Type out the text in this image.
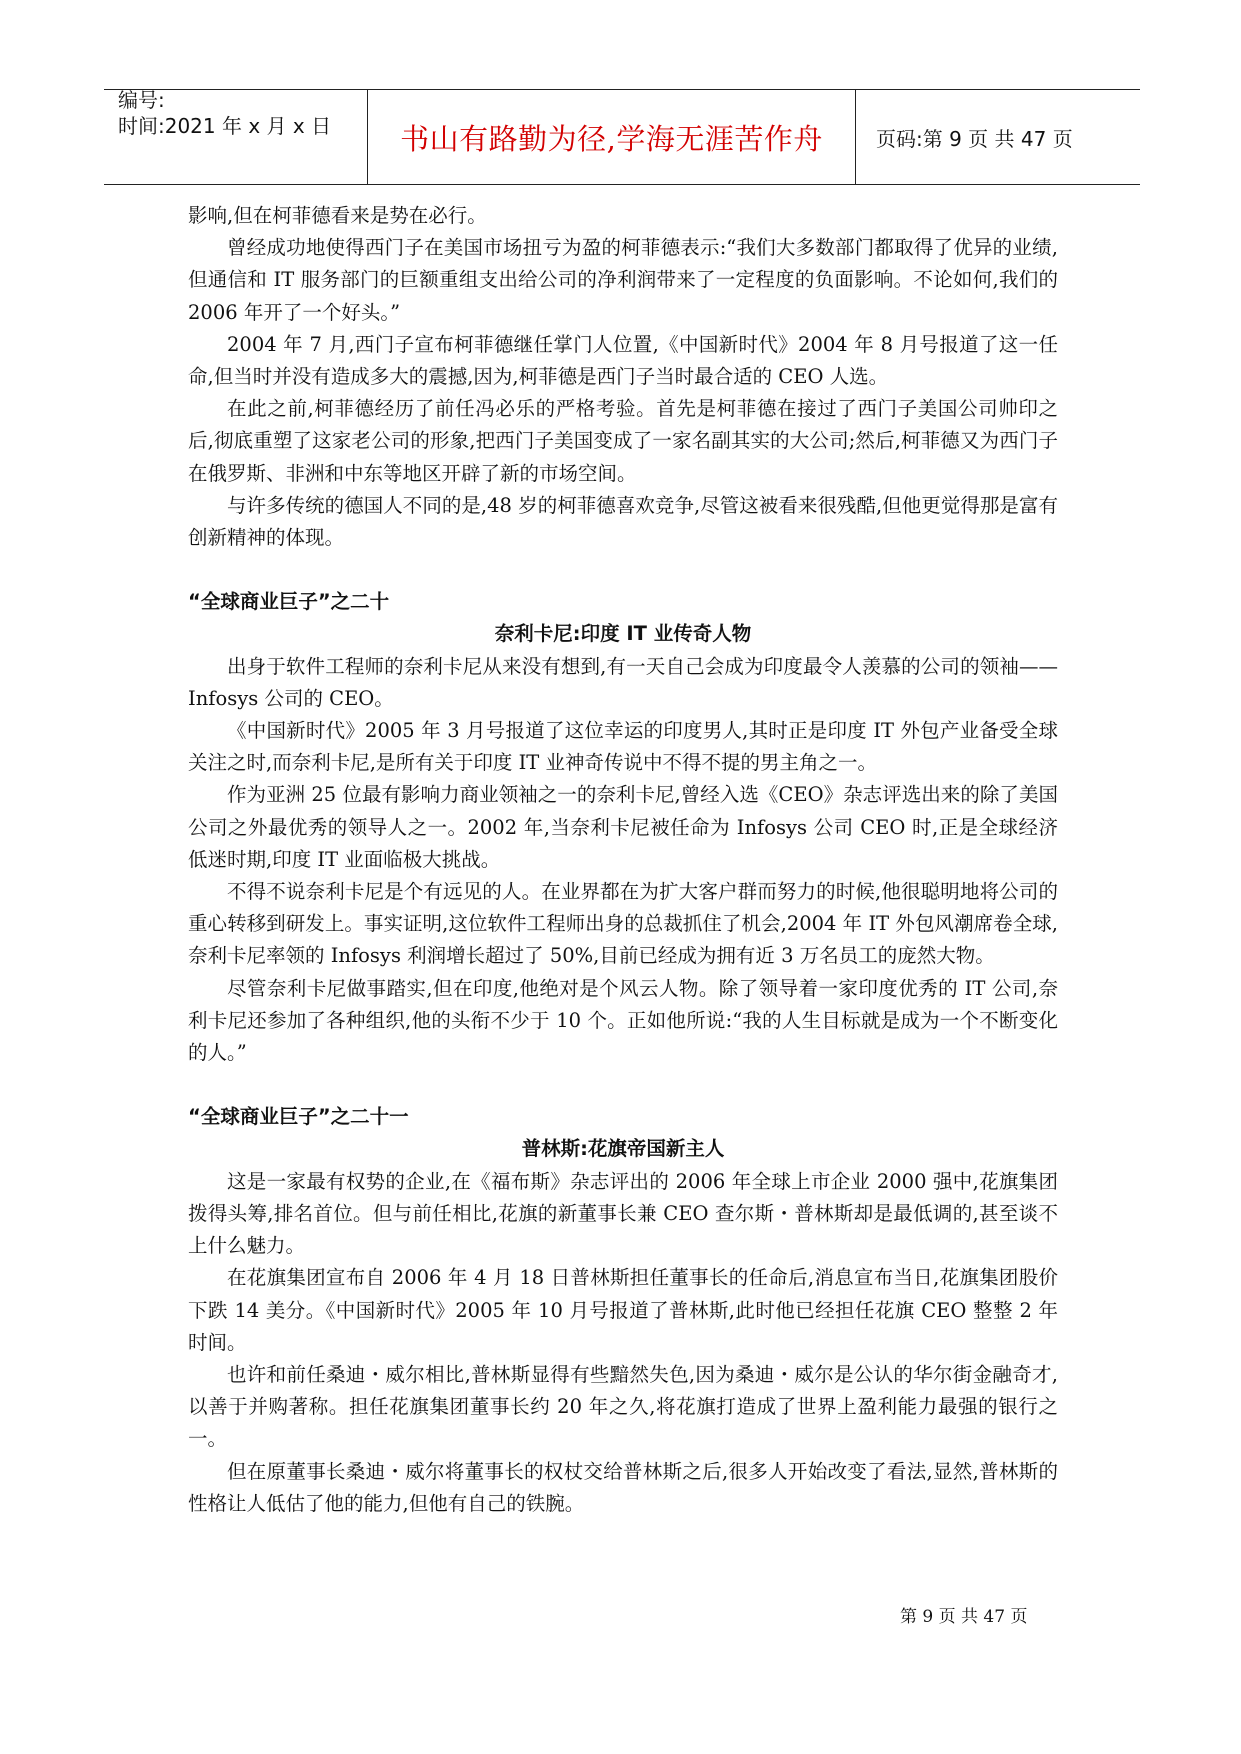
编号:
时间:2021 年 x 月 x 日	书山有路勤为径,学海无涯苦作舟	页码:第 9 页 共 47 页

影响,但在柯菲德看来是势在必行。

曾经成功地使得西门子在美国市场扭亏为盈的柯菲德表示:“我们大多数部门都取得了优异的业绩,但通信和 IT 服务部门的巨额重组支出给公司的净利润带来了一定程度的负面影响。不论如何,我们的 2006 年开了一个好头。”

2004 年 7 月,西门子宣布柯菲德继任掌门人位置,《中国新时代》2004 年 8 月号报道了这一任命,但当时并没有造成多大的震撼,因为,柯菲德是西门子当时最合适的 CEO 人选。

在此之前,柯菲德经历了前任冯必乐的严格考验。首先是柯菲德在接过了西门子美国公司帅印之后,彻底重塑了这家老公司的形象,把西门子美国变成了一家名副其实的大公司;然后,柯菲德又为西门子在俄罗斯、非洲和中东等地区开辟了新的市场空间。

与许多传统的德国人不同的是,48 岁的柯菲德喜欢竞争,尽管这被看来很残酷,但他更觉得那是富有创新精神的体现。

“全球商业巨子”之二十
奈利卡尼:印度 IT 业传奇人物

出身于软件工程师的奈利卡尼从来没有想到,有一天自己会成为印度最令人羡慕的公司的领袖——Infosys 公司的 CEO。

《中国新时代》2005 年 3 月号报道了这位幸运的印度男人,其时正是印度 IT 外包产业备受全球关注之时,而奈利卡尼,是所有关于印度 IT 业神奇传说中不得不提的男主角之一。

作为亚洲 25 位最有影响力商业领袖之一的奈利卡尼,曾经入选《CEO》杂志评选出来的除了美国公司之外最优秀的领导人之一。2002 年,当奈利卡尼被任命为 Infosys 公司 CEO 时,正是全球经济低迷时期,印度 IT 业面临极大挑战。

不得不说奈利卡尼是个有远见的人。在业界都在为扩大客户群而努力的时候,他很聪明地将公司的重心转移到研发上。事实证明,这位软件工程师出身的总裁抓住了机会,2004 年 IT 外包风潮席卷全球,奈利卡尼率领的 Infosys 利润增长超过了 50%,目前已经成为拥有近 3 万名员工的庞然大物。

尽管奈利卡尼做事踏实,但在印度,他绝对是个风云人物。除了领导着一家印度优秀的 IT 公司,奈利卡尼还参加了各种组织,他的头衔不少于 10 个。正如他所说:“我的人生目标就是成为一个不断变化的人。”

“全球商业巨子”之二十一
普林斯:花旗帝国新主人

这是一家最有权势的企业,在《福布斯》杂志评出的 2006 年全球上市企业 2000 强中,花旗集团拨得头筹,排名首位。但与前任相比,花旗的新董事长兼 CEO 查尔斯・普林斯却是最低调的,甚至谈不上什么魅力。

在花旗集团宣布自 2006 年 4 月 18 日普林斯担任董事长的任命后,消息宣布当日,花旗集团股价下跌 14 美分。《中国新时代》2005 年 10 月号报道了普林斯,此时他已经担任花旗 CEO 整整 2 年时间。

也许和前任桑迪・威尔相比,普林斯显得有些黯然失色,因为桑迪・威尔是公认的华尔街金融奇才,以善于并购著称。担任花旗集团董事长约 20 年之久,将花旗打造成了世界上盈利能力最强的银行之一。

但在原董事长桑迪・威尔将董事长的权杖交给普林斯之后,很多人开始改变了看法,显然,普林斯的性格让人低估了他的能力,但他有自己的铁腕。

第 9 页 共 47 页
